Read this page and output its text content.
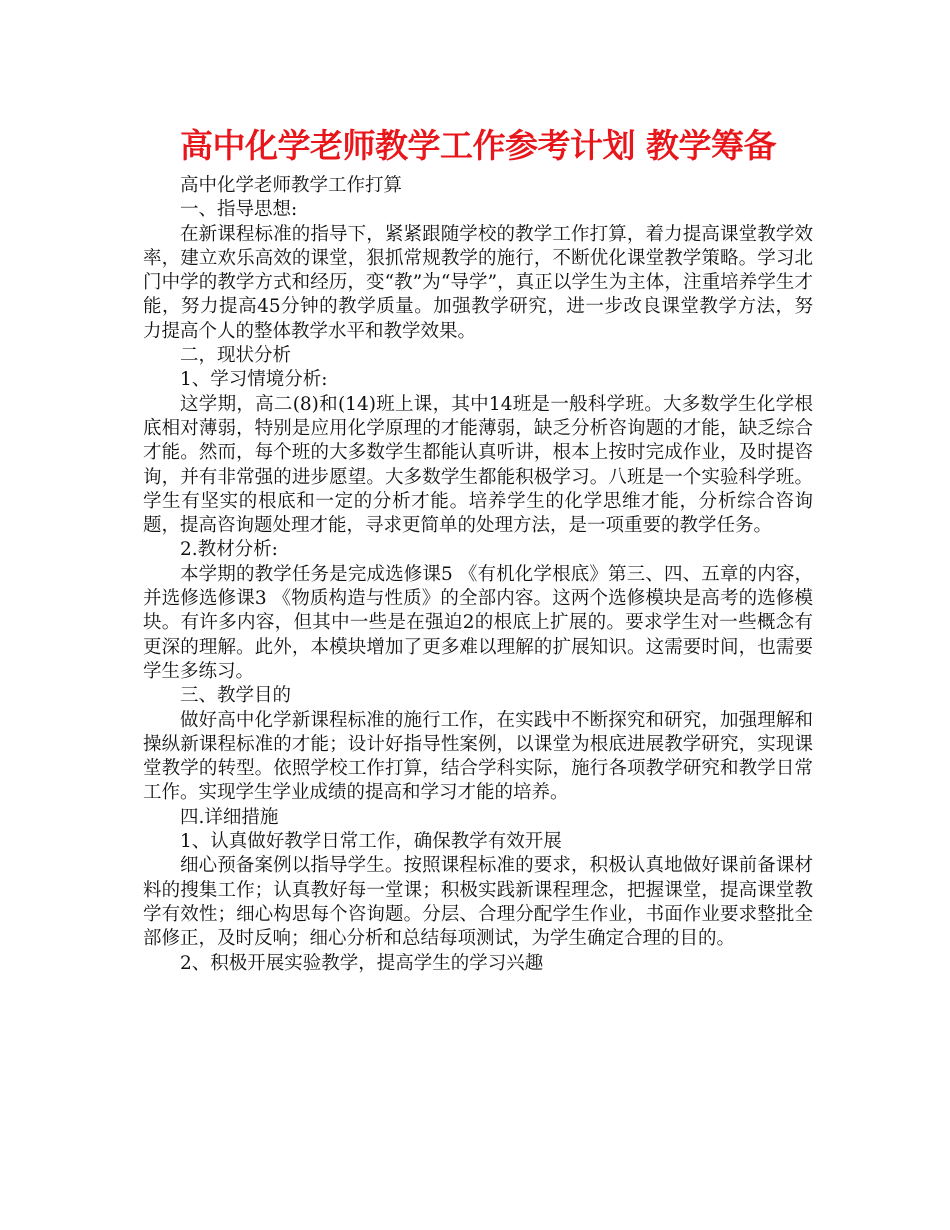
高中化学老师教学工作参考计划 教学筹备

高中化学老师教学工作打算

一、指导思想:

在新课程标准的指导下，紧紧跟随学校的教学工作打算，着力提高课堂教学效率，建立欢乐高效的课堂，狠抓常规教学的施行，不断优化课堂教学策略。学习北门中学的教学方式和经历，变“教”为“导学”，真正以学生为主体，注重培养学生才能，努力提高45分钟的教学质量。加强教学研究，进一步改良课堂教学方法，努力提高个人的整体教学水平和教学效果。

二，现状分析

1、学习情境分析:

这学期，高二(8)和(14)班上课，其中14班是一般科学班。大多数学生化学根底相对薄弱，特别是应用化学原理的才能薄弱，缺乏分析咨询题的才能，缺乏综合才能。然而，每个班的大多数学生都能认真听讲，根本上按时完成作业，及时提咨询，并有非常强的进步愿望。大多数学生都能积极学习。八班是一个实验科学班。学生有坚实的根底和一定的分析才能。培养学生的化学思维才能，分析综合咨询题，提高咨询题处理才能，寻求更简单的处理方法，是一项重要的教学任务。

2.教材分析:

本学期的教学任务是完成选修课5 《有机化学根底》第三、四、五章的内容，并选修选修课3 《物质构造与性质》的全部内容。这两个选修模块是高考的选修模块。有许多内容，但其中一些是在强迫2的根底上扩展的。要求学生对一些概念有更深的理解。此外，本模块增加了更多难以理解的扩展知识。这需要时间，也需要学生多练习。

三、教学目的

做好高中化学新课程标准的施行工作，在实践中不断探究和研究，加强理解和操纵新课程标准的才能；设计好指导性案例，以课堂为根底进展教学研究，实现课堂教学的转型。依照学校工作打算，结合学科实际，施行各项教学研究和教学日常工作。实现学生学业成绩的提高和学习才能的培养。

四.详细措施

1、认真做好教学日常工作，确保教学有效开展

细心预备案例以指导学生。按照课程标准的要求，积极认真地做好课前备课材料的搜集工作；认真教好每一堂课；积极实践新课程理念，把握课堂，提高课堂教学有效性；细心构思每个咨询题。分层、合理分配学生作业，书面作业要求整批全部修正，及时反响；细心分析和总结每项测试，为学生确定合理的目的。

2、积极开展实验教学，提高学生的学习兴趣
